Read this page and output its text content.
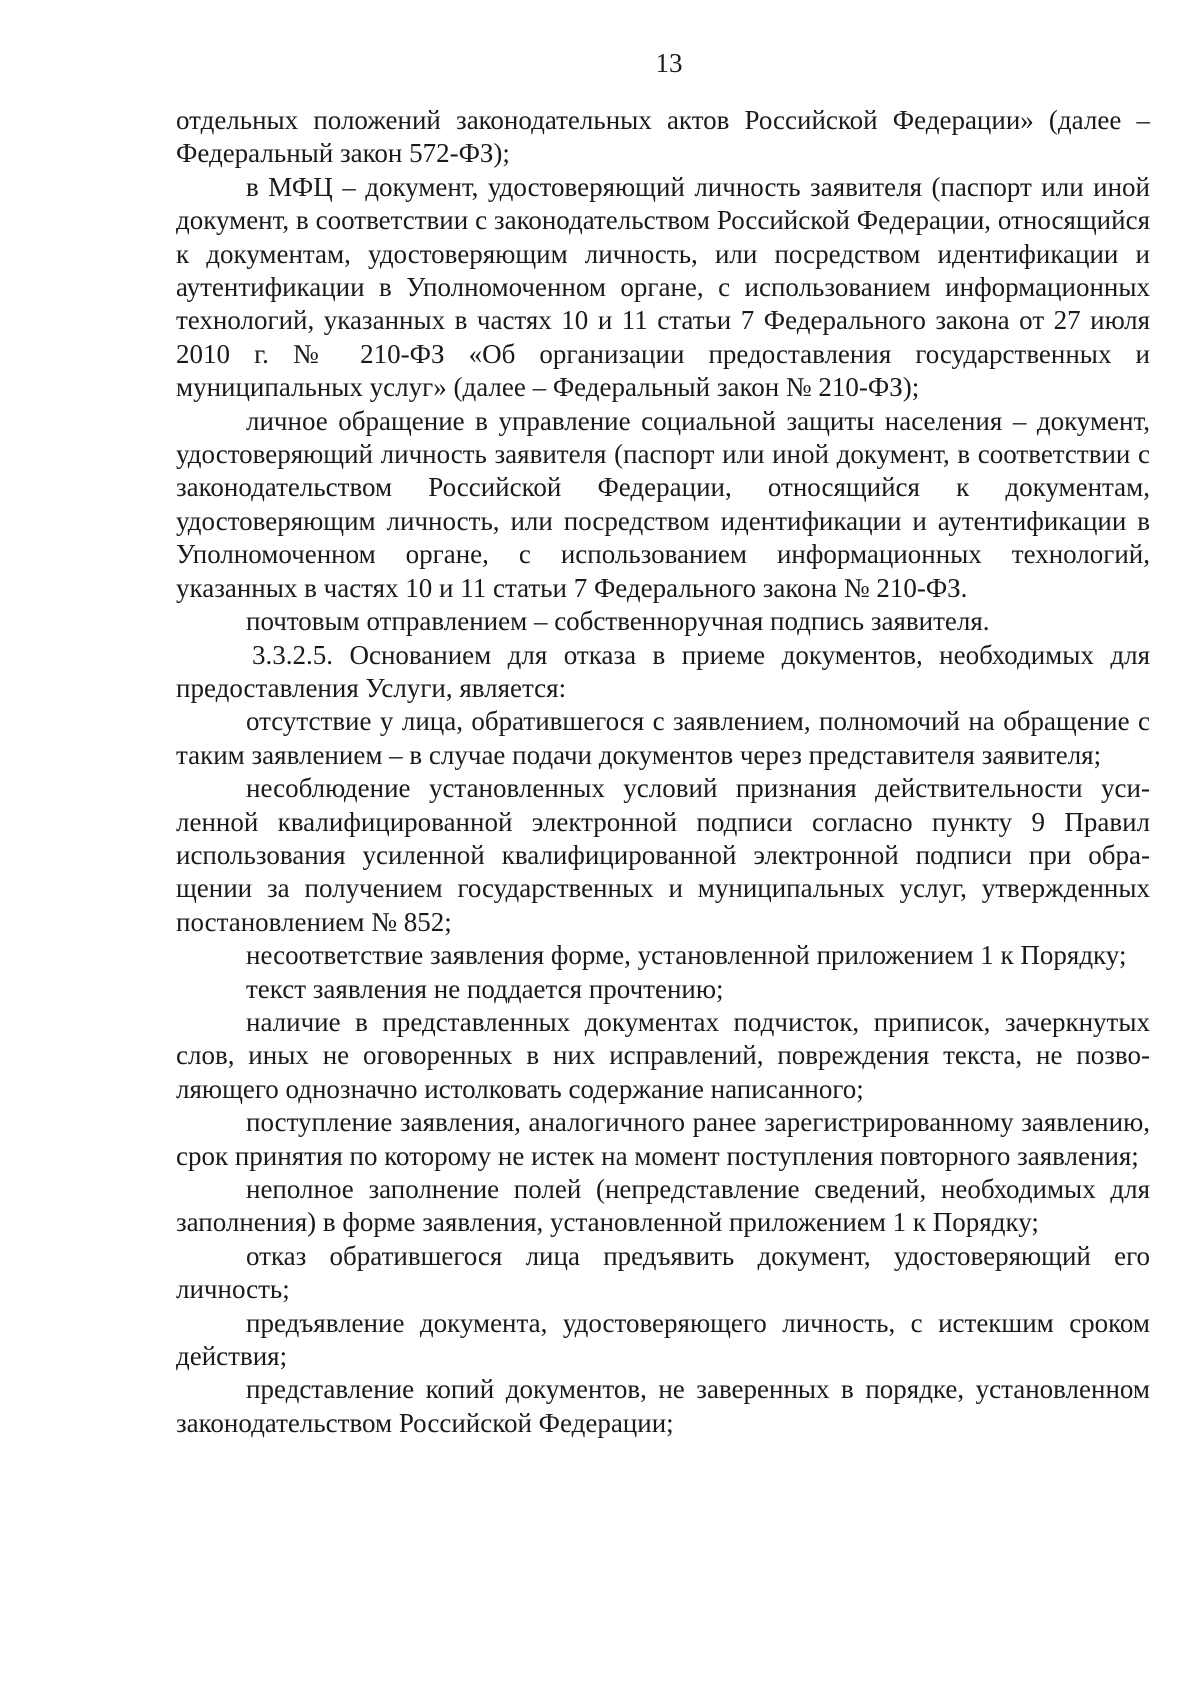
13

отдельных положений законодательных актов Российской Федерации» (далее – Федеральный закон 572-ФЗ);

в МФЦ – документ, удостоверяющий личность заявителя (паспорт или иной документ, в соответствии с законодательством Российской Федерации, относящийся к документам, удостоверяющим личность, или посредством идентификации и аутентификации в Уполномоченном органе, с использованием информационных технологий, указанных в частях 10 и 11 статьи 7 Федерального закона от 27 июля 2010 г. № 210-ФЗ «Об организации предоставления государственных и муниципальных услуг» (далее – Федеральный закон № 210-ФЗ);

личное обращение в управление социальной защиты населения – документ, удостоверяющий личность заявителя (паспорт или иной документ, в соответствии с законодательством Российской Федерации, относящийся к документам, удостоверяющим личность, или посредством идентификации и аутентификации в Уполномоченном органе, с использованием информационных технологий, указанных в частях 10 и 11 статьи 7 Федерального закона № 210-ФЗ.

почтовым отправлением – собственноручная подпись заявителя.

3.3.2.5. Основанием для отказа в приеме документов, необходимых для предоставления Услуги, является:

отсутствие у лица, обратившегося с заявлением, полномочий на обращение с таким заявлением – в случае подачи документов через представителя заявителя;

несоблюдение установленных условий признания действительности усиленной квалифицированной электронной подписи согласно пункту 9 Правил использования усиленной квалифицированной электронной подписи при обращении за получением государственных и муниципальных услуг, утвержденных постановлением № 852;

несоответствие заявления форме, установленной приложением 1 к Порядку;

текст заявления не поддается прочтению;

наличие в представленных документах подчисток, приписок, зачеркнутых слов, иных не оговоренных в них исправлений, повреждения текста, не позволяющего однозначно истолковать содержание написанного;

поступление заявления, аналогичного ранее зарегистрированному заявлению, срок принятия по которому не истек на момент поступления повторного заявления;

неполное заполнение полей (непредставление сведений, необходимых для заполнения) в форме заявления, установленной приложением 1 к Порядку;

отказ обратившегося лица предъявить документ, удостоверяющий его личность;

предъявление документа, удостоверяющего личность, с истекшим сроком действия;

представление копий документов, не заверенных в порядке, установленном законодательством Российской Федерации;
